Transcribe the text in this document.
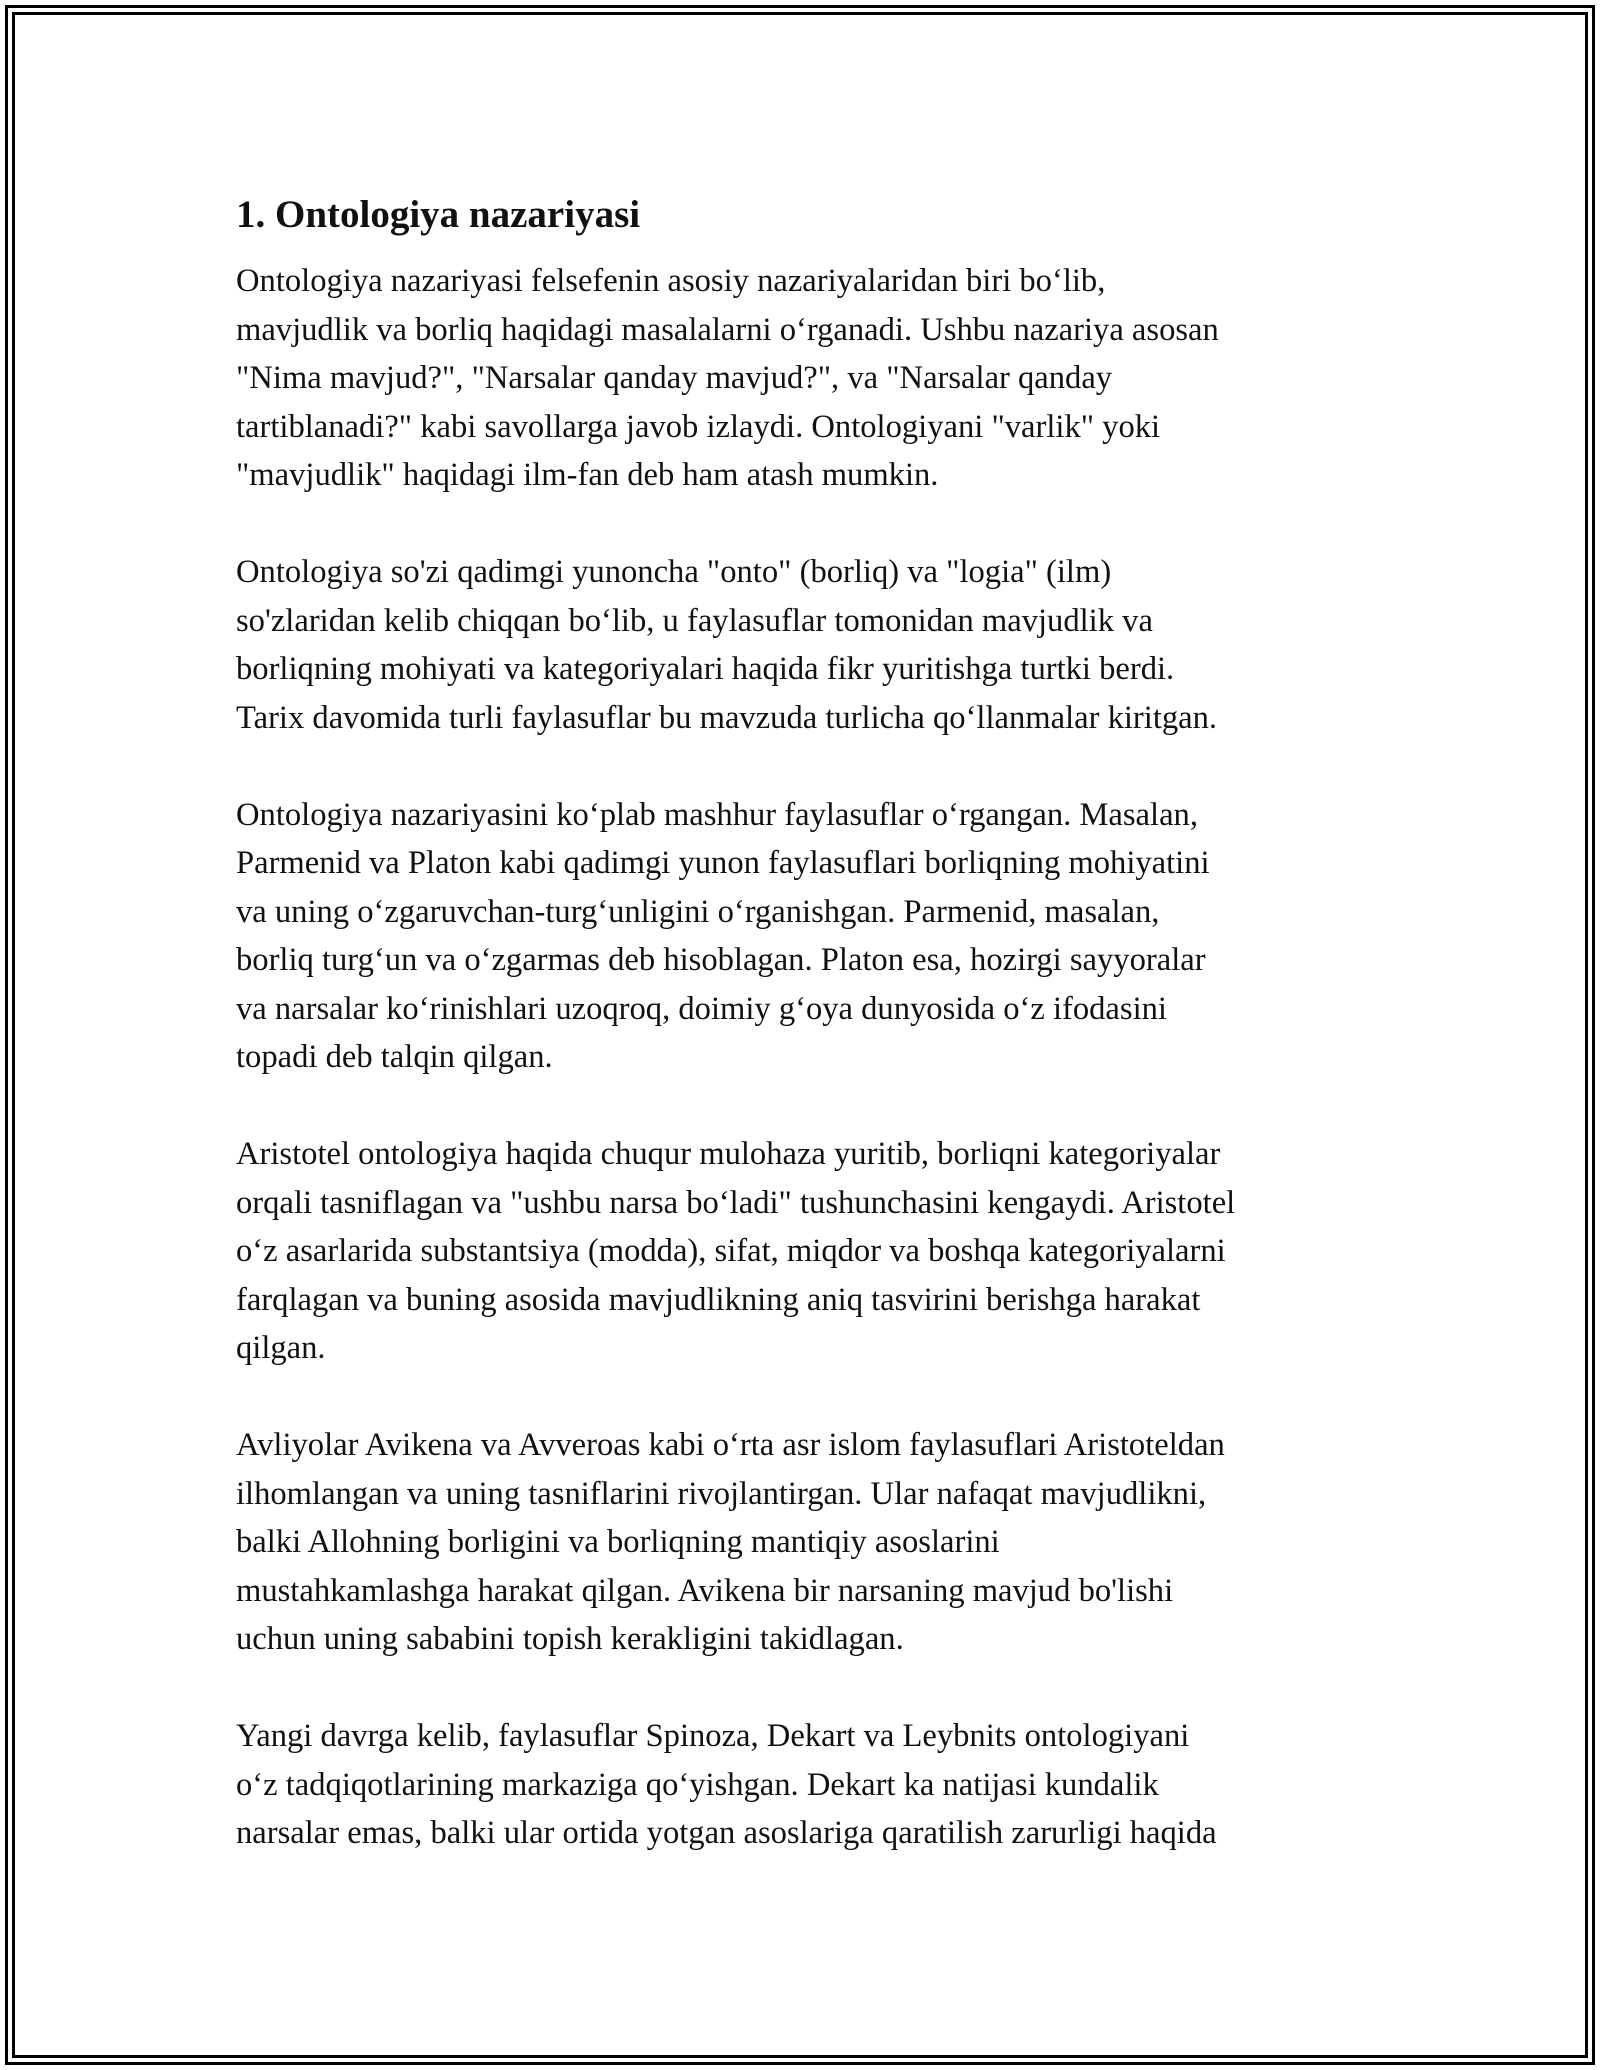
1. Ontologiya nazariyasi

Ontologiya nazariyasi felsefenin asosiy nazariyalaridan biri bo‘lib,
mavjudlik va borliq haqidagi masalalarni o‘rganadi. Ushbu nazariya asosan
"Nima mavjud?", "Narsalar qanday mavjud?", va "Narsalar qanday
tartiblanadi?" kabi savollarga javob izlaydi. Ontologiyani "varlik" yoki
"mavjudlik" haqidagi ilm-fan deb ham atash mumkin.

Ontologiya so'zi qadimgi yunoncha "onto" (borliq) va "logia" (ilm)
so'zlaridan kelib chiqqan bo‘lib, u faylasuflar tomonidan mavjudlik va
borliqning mohiyati va kategoriyalari haqida fikr yuritishga turtki berdi.
Tarix davomida turli faylasuflar bu mavzuda turlicha qo‘llanmalar kiritgan.

Ontologiya nazariyasini ko‘plab mashhur faylasuflar o‘rgangan. Masalan,
Parmenid va Platon kabi qadimgi yunon faylasuflari borliqning mohiyatini
va uning o‘zgaruvchan-turg‘unligini o‘rganishgan. Parmenid, masalan,
borliq turg‘un va o‘zgarmas deb hisoblagan. Platon esa, hozirgi sayyoralar
va narsalar ko‘rinishlari uzoqroq, doimiy g‘oya dunyosida o‘z ifodasini
topadi deb talqin qilgan.

Aristotel ontologiya haqida chuqur mulohaza yuritib, borliqni kategoriyalar
orqali tasniflagan va "ushbu narsa bo‘ladi" tushunchasini kengaydi. Aristotel
o‘z asarlarida substantsiya (modda), sifat, miqdor va boshqa kategoriyalarni
farqlagan va buning asosida mavjudlikning aniq tasvirini berishga harakat
qilgan.

Avliyolar Avikena va Avveroas kabi o‘rta asr islom faylasuflari Aristoteldan
ilhomlangan va uning tasniflarini rivojlantirgan. Ular nafaqat mavjudlikni,
balki Allohning borligini va borliqning mantiqiy asoslarini
mustahkamlashga harakat qilgan. Avikena bir narsaning mavjud bo'lishi
uchun uning sababini topish kerakligini takidlagan.

Yangi davrga kelib, faylasuflar Spinoza, Dekart va Leybnits ontologiyani
o‘z tadqiqotlarining markaziga qo‘yishgan. Dekart ka natijasi kundalik
narsalar emas, balki ular ortida yotgan asoslariga qaratilish zarurligi haqida
